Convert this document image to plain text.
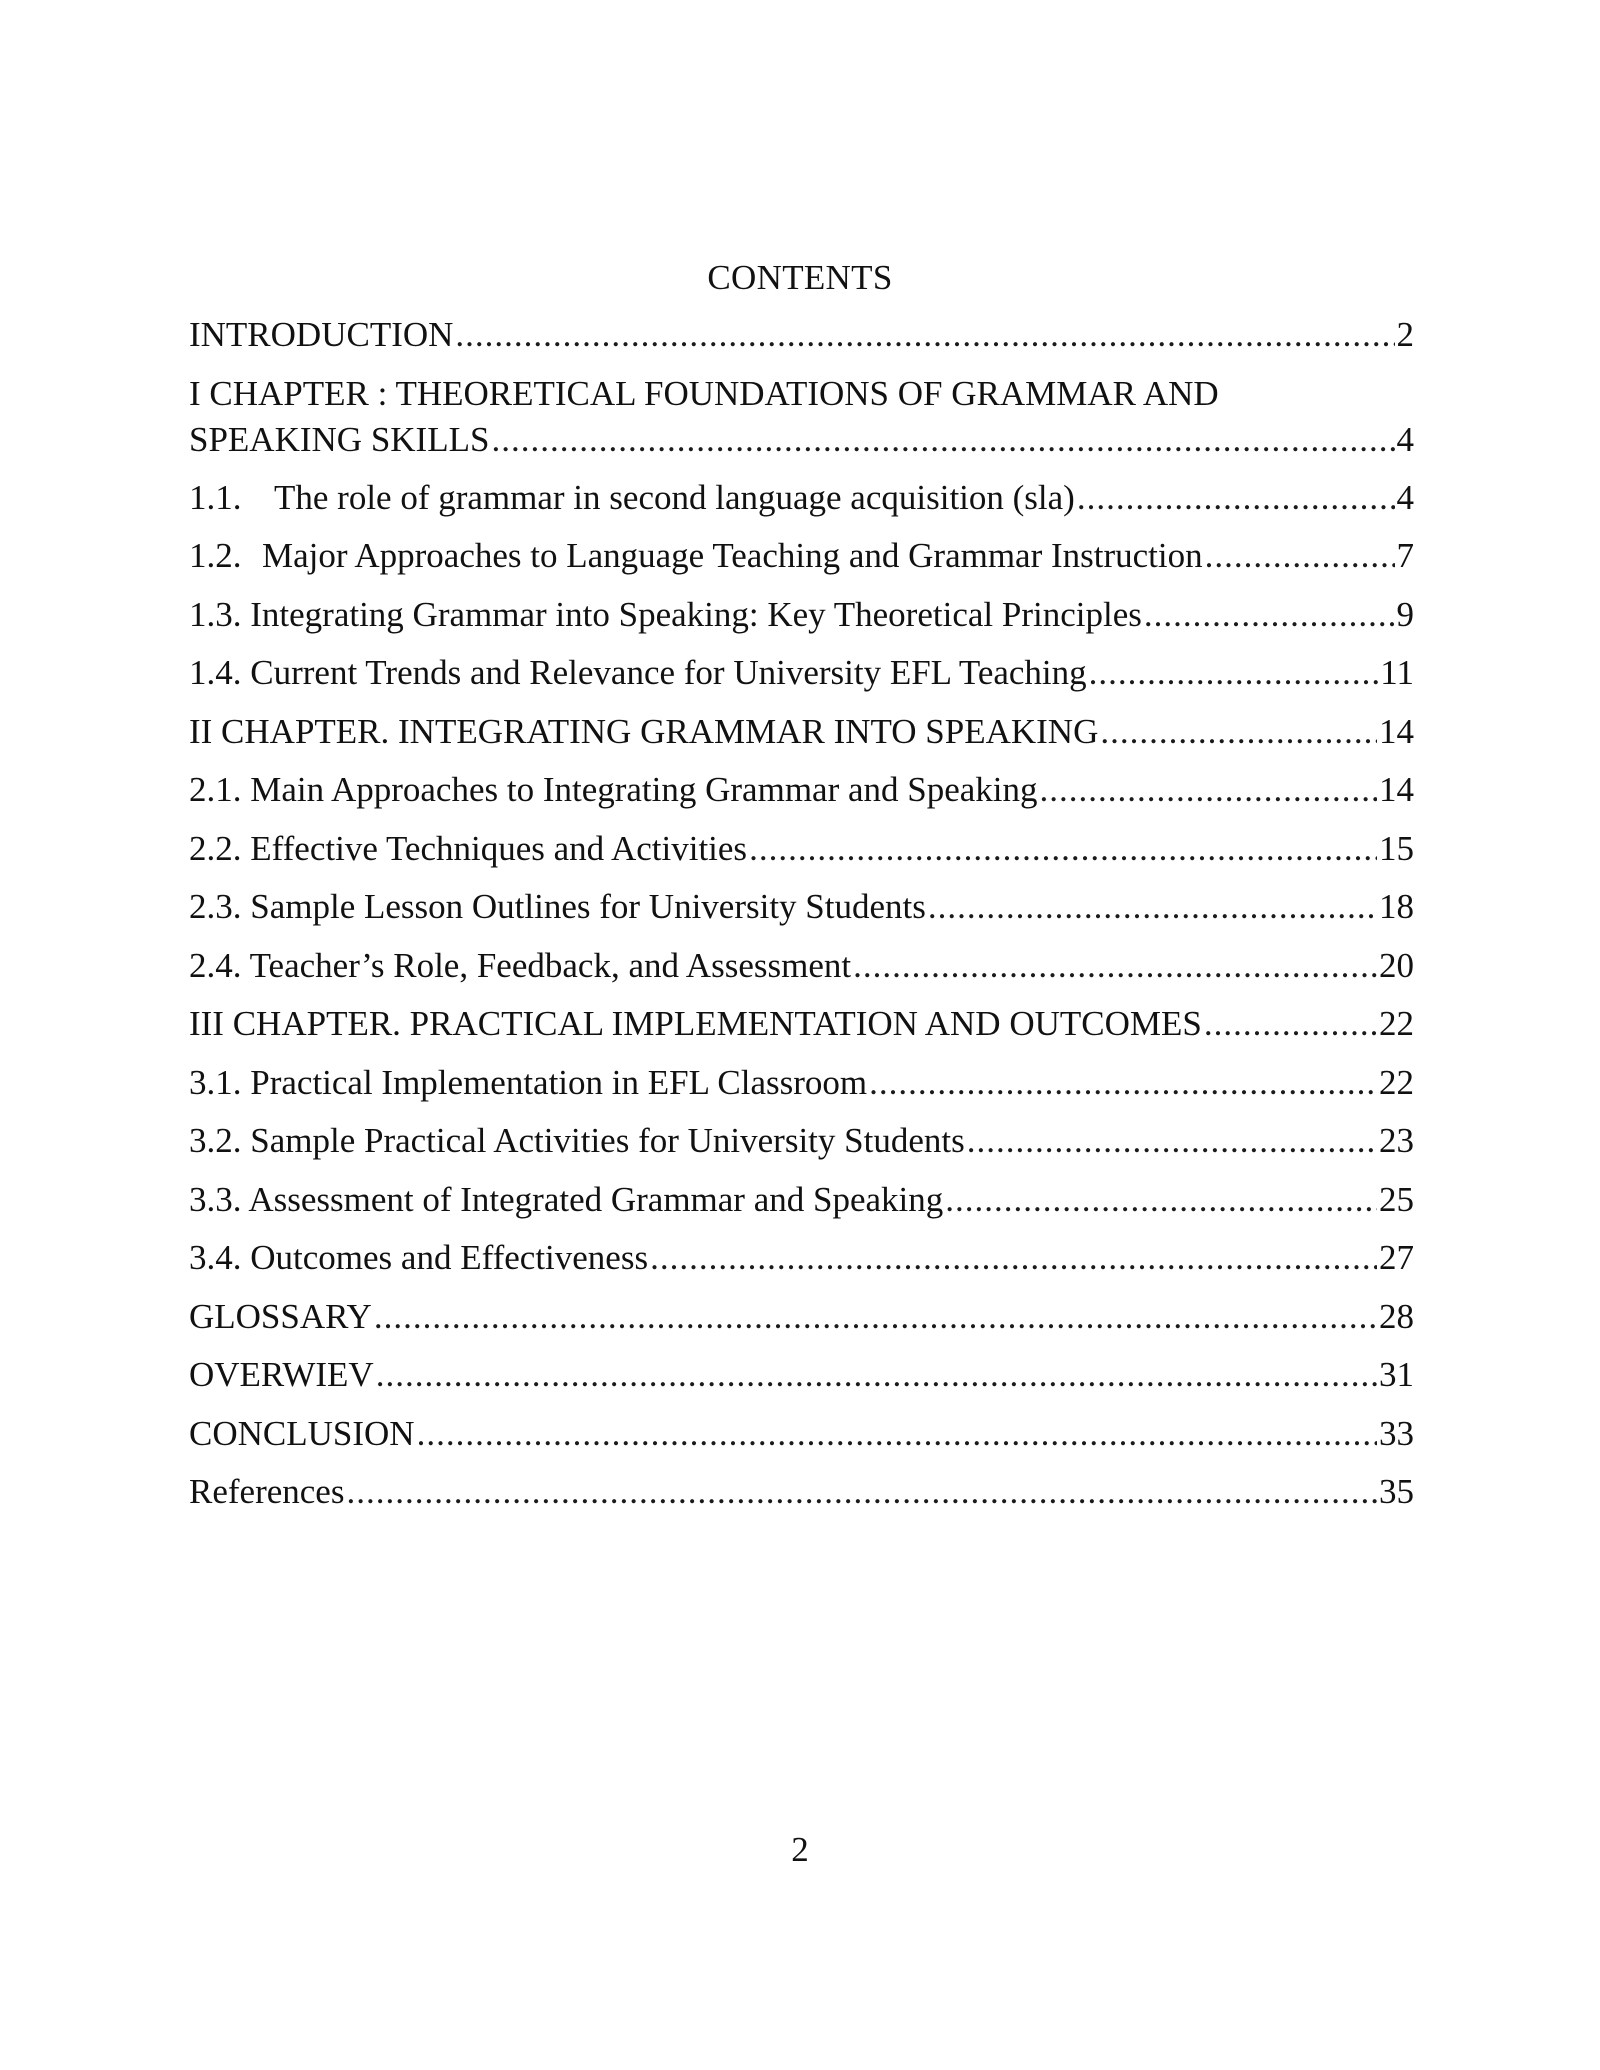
CONTENTS
INTRODUCTION .....	2
I CHAPTER : THEORETICAL FOUNDATIONS OF GRAMMAR AND
SPEAKING SKILLS .....	4
1.1. The role of grammar in second language acquisition (sla) .....	4
1.2. Major Approaches to Language Teaching and Grammar Instruction .....	7
1.3. Integrating Grammar into Speaking: Key Theoretical Principles .....	9
1.4. Current Trends and Relevance for University EFL Teaching .....	11
II CHAPTER. INTEGRATING GRAMMAR INTO SPEAKING .....	14
2.1. Main Approaches to Integrating Grammar and Speaking .....	14
2.2. Effective Techniques and Activities .....	15
2.3. Sample Lesson Outlines for University Students .....	18
2.4. Teacher’s Role, Feedback, and Assessment .....	20
III CHAPTER. PRACTICAL IMPLEMENTATION AND OUTCOMES .....	22
3.1. Practical Implementation in EFL Classroom .....	22
3.2. Sample Practical Activities for University Students .....	23
3.3. Assessment of Integrated Grammar and Speaking .....	25
3.4. Outcomes and Effectiveness .....	27
GLOSSARY .....	28
OVERWIEV .....	31
CONCLUSION .....	33
References .....	35
2
